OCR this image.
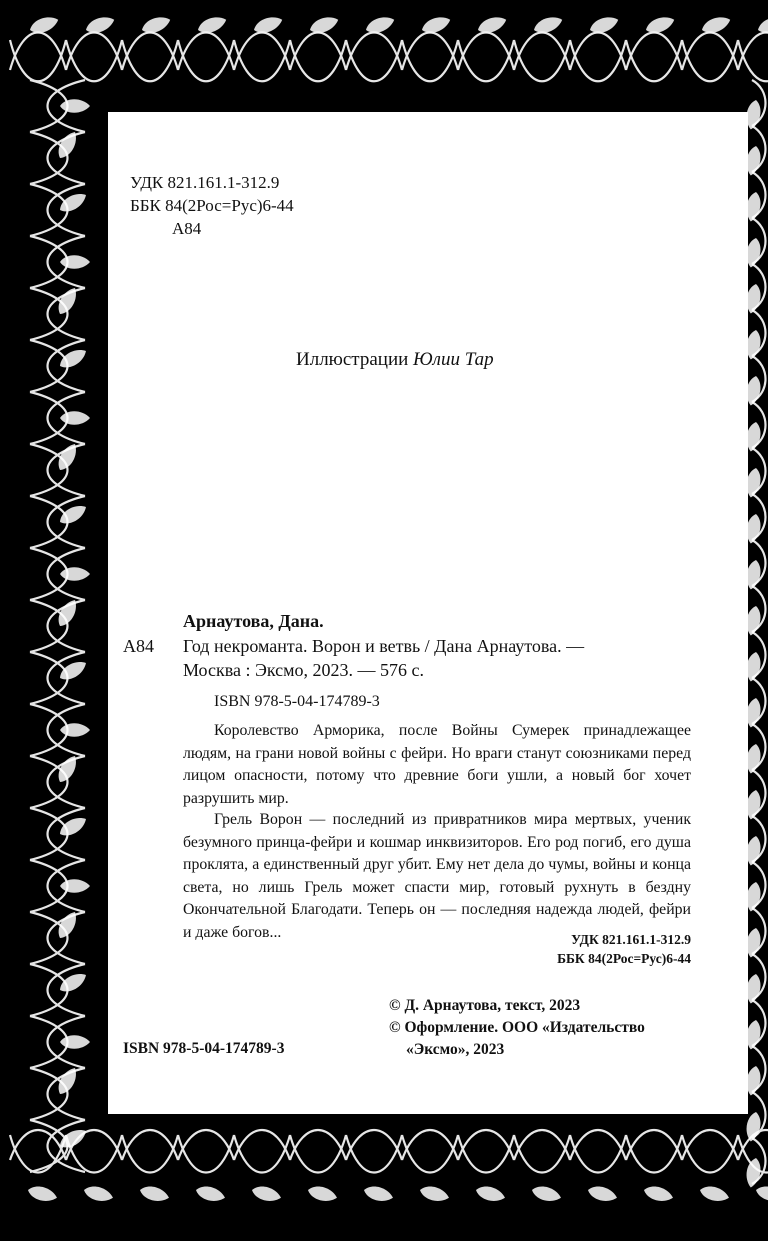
УДК 821.161.1-312.9
ББК 84(2Рос=Рус)6-44
А84
Иллюстрации Юлии Тар
Арнаутова, Дана.
А84 Год некроманта. Ворон и ветвь / Дана Арнаутова. —
Москва : Эксмо, 2023. — 576 с.
ISBN 978-5-04-174789-3
Королевство Арморика, после Войны Сумерек принадлежащее людям, на грани новой войны с фейри. Но враги станут союзниками перед лицом опасности, потому что древние боги ушли, а новый бог хочет разрушить мир.
Грель Ворон — последний из привратников мира мертвых, ученик безумного принца-фейри и кошмар инквизиторов. Его род погиб, его душа проклята, а единственный друг убит. Ему нет дела до чумы, войны и конца света, но лишь Грель может спасти мир, готовый рухнуть в бездну Окончательной Благодати. Теперь он — последняя надежда людей, фейри и даже богов...	УДК 821.161.1-312.9
ББК 84(2Рос=Рус)6-44
© Д. Арнаутова, текст, 2023
© Оформление. ООО «Издательство
«Эксмо», 2023
ISBN 978-5-04-174789-3
